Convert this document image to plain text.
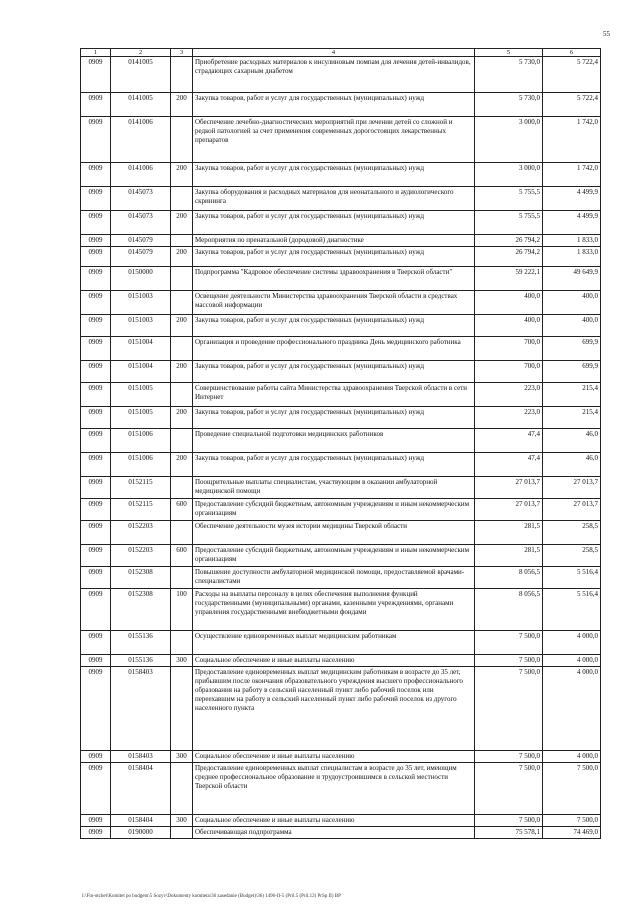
55
1	2	3	4	5	6
0909	0141005		Приобретение расходных материалов к инсулиновым помпам для лечения детей-инвалидов, страдающих сахарным диабетом	5 730,0	5 722,4
0909	0141005	200	Закупка товаров, работ и услуг для государственных (муниципальных) нужд	5 730,0	5 722,4
0909	0141006		Обеспечение лечебно-диагностических мероприятий при лечении детей со сложной и редкой патологией за счет применения современных дорогостоящих лекарственных препаратов	3 000,0	1 742,0
0909	0141006	200	Закупка товаров, работ и услуг для государственных (муниципальных) нужд	3 000,0	1 742,0
0909	0145073		Закупка оборудования и расходных материалов для неонатального и аудиологического скрининга	5 755,5	4 499,9
0909	0145073	200	Закупка товаров, работ и услуг для государственных (муниципальных) нужд	5 755,5	4 499,9
0909	0145079		Мероприятия по пренатальной (дородовой) диагностике	26 794,2	1 833,0
0909	0145079	200	Закупка товаров, работ и услуг для государственных (муниципальных) нужд	26 794,2	1 833,0
0909	0150000		Подпрограмма "Кадровое обеспечение системы здравоохранения в Тверской области"	59 222,1	49 649,9
0909	0151003		Освещение деятельности Министерства здравоохранения Тверской области в средствах массовой информации	400,0	400,0
0909	0151003	200	Закупка товаров, работ и услуг для государственных (муниципальных) нужд	400,0	400,0
0909	0151004		Организация и проведение профессионального праздника День медицинского работника	700,0	699,9
0909	0151004	200	Закупка товаров, работ и услуг для государственных (муниципальных) нужд	700,0	699,9
0909	0151005		Совершенствование работы сайта Министерства здравоохранения Тверской области в сети Интернет	223,0	215,4
0909	0151005	200	Закупка товаров, работ и услуг для государственных (муниципальных) нужд	223,0	215,4
0909	0151006		Проведение специальной подготовки медицинских работников	47,4	46,0
0909	0151006	200	Закупка товаров, работ и услуг для государственных (муниципальных) нужд	47,4	46,0
0909	0152115		Поощрительные выплаты специалистам, участвующим в оказании амбулаторной медицинской помощи	27 013,7	27 013,7
0909	0152115	600	Предоставление субсидий бюджетным, автономным учреждениям и иным некоммерческим организациям	27 013,7	27 013,7
0909	0152203		Обеспечение деятельности музея истории медицины Тверской области	281,5	258,5
0909	0152203	600	Предоставление субсидий бюджетным, автономным учреждениям и иным некоммерческим организациям	281,5	258,5
0909	0152308		Повышение доступности амбулаторной медицинской помощи, предоставляемой врачами-специалистами	8 056,5	5 516,4
0909	0152308	100	Расходы на выплаты персоналу в целях обеспечения выполнения функций государственными (муниципальными) органами, казенными учреждениями, органами управления государственными внебюджетными фондами	8 056,5	5 516,4
0909	0155136		Осуществление единовременных выплат медицинским работникам	7 500,0	4 000,0
0909	0155136	300	Социальное обеспечение и иные выплаты населению	7 500,0	4 000,0
0909	0158403		Предоставление единовременных выплат медицинским работникам в возрасте до 35 лет, прибывшим после окончания образовательного учреждения высшего профессионального образования на работу в сельский населенный пункт либо рабочий поселок или переехавшим на работу в сельский населенный пункт либо рабочий поселок из другого населенного пункта	7 500,0	4 000,0
0909	0158403	300	Социальное обеспечение и иные выплаты населению	7 500,0	4 000,0
0909	0158404		Предоставление единовременных выплат специалистам в возрасте до 35 лет, имеющим среднее профессиональное образование и трудоустроившимся в сельской местности Тверской области	7 500,0	7 500,0
0909	0158404	300	Социальное обеспечение и иные выплаты населению	7 500,0	7 500,0
0909	0190000		Обеспечивающая подпрограмма	75 578,1	74 469,0
I:\Fin-otchet\Komitet po budgetu\5 Sozyv\Dokumenty komiteta\36 zasedanie (Budget)\36) 1496-II-5 (Pril.5 (Pril.12) PrSp II) BP
